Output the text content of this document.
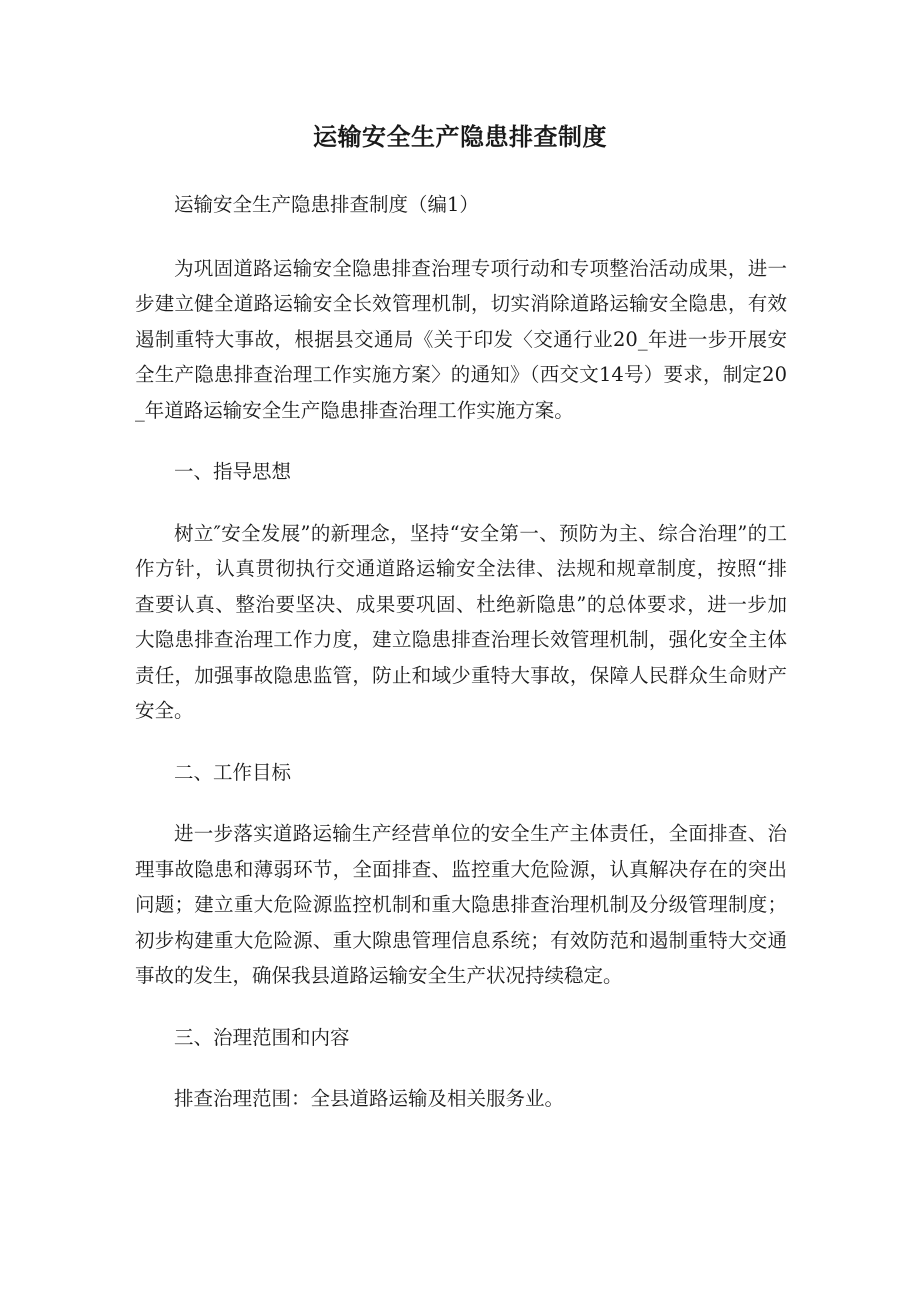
运输安全生产隐患排查制度

运输安全生产隐患排查制度（编1）

为巩固道路运输安全隐患排查治理专项行动和专项整治活动成果，进一步建立健全道路运输安全长效管理机制，切实消除道路运输安全隐患，有效遏制重特大事故，根据县交通局《关于印发〈交通行业20_年进一步开展安全生产隐患排查治理工作实施方案〉的通知》（西交文14号）要求，制定20_年道路运输安全生产隐患排查治理工作实施方案。

一、指导思想

树立″安全发展”的新理念，坚持“安全第一、预防为主、综合治理”的工作方针，认真贯彻执行交通道路运输安全法律、法规和规章制度，按照“排查要认真、整治要坚决、成果要巩固、杜绝新隐患”的总体要求，进一步加大隐患排查治理工作力度，建立隐患排查治理长效管理机制，强化安全主体责任，加强事故隐患监管，防止和域少重特大事故，保障人民群众生命财产安全。

二、工作目标

进一步落实道路运输生产经营单位的安全生产主体责任，全面排查、治理事故隐患和薄弱环节，全面排查、监控重大危险源，认真解决存在的突出问题；建立重大危险源监控机制和重大隐患排查治理机制及分级管理制度；初步构建重大危险源、重大隙患管理信息系统；有效防范和遏制重特大交通事故的发生，确保我县道路运输安全生产状况持续稳定。

三、治理范围和内容

排查治理范围：全县道路运输及相关服务业。
